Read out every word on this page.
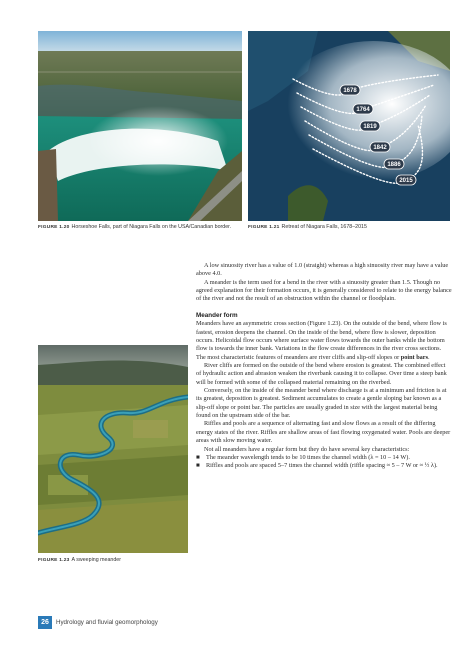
FIGURE 1.20 Horseshoe Falls, part of Niagara Falls on the USA/Canadian border.
1678
1764
1819
1842
1886
2015
FIGURE 1.21 Retreat of Niagara Falls, 1678–2015
FIGURE 1.23 A sweeping meander

A low sinuosity river has a value of 1.0 (straight) whereas a high sinuosity river may have a value above 4.0.

A meander is the term used for a bend in the river with a sinuosity greater than 1.5. Though no agreed explanation for their formation occurs, it is generally considered to relate to the energy balance of the river and not the result of an obstruction within the channel or floodplain.

Meander form

Meanders have an asymmetric cross section (Figure 1.23). On the outside of the bend, where flow is fastest, erosion deepens the channel. On the inside of the bend, where flow is slower, deposition occurs. Helicoidal flow occurs where surface water flows towards the outer banks while the bottom flow is towards the inner bank. Variations in the flow create differences in the river cross sections. The most characteristic features of meanders are river cliffs and slip-off slopes or point bars.

River cliffs are formed on the outside of the bend where erosion is greatest. The combined effect of hydraulic action and abrasion weaken the riverbank causing it to collapse. Over time a steep bank will be formed with some of the collapsed material remaining on the riverbed.

Conversely, on the inside of the meander bend where discharge is at a minimum and friction is at its greatest, deposition is greatest. Sediment accumulates to create a gentle sloping bar known as a slip-off slope or point bar. The particles are usually graded in size with the largest material being found on the upstream side of the bar.

Riffles and pools are a sequence of alternating fast and slow flows as a result of the differing energy states of the river. Riffles are shallow areas of fast flowing oxygenated water. Pools are deeper areas with slow moving water.

Not all meanders have a regular form but they do have several key characteristics:

■ The meander wavelength tends to be 10 times the channel width (λ = 10 – 14 W).
■ Riffles and pools are spaced 5–7 times the channel width (riffle spacing ≈ 5 – 7 W or ≈ ½ λ).
26	Hydrology and fluvial geomorphology
